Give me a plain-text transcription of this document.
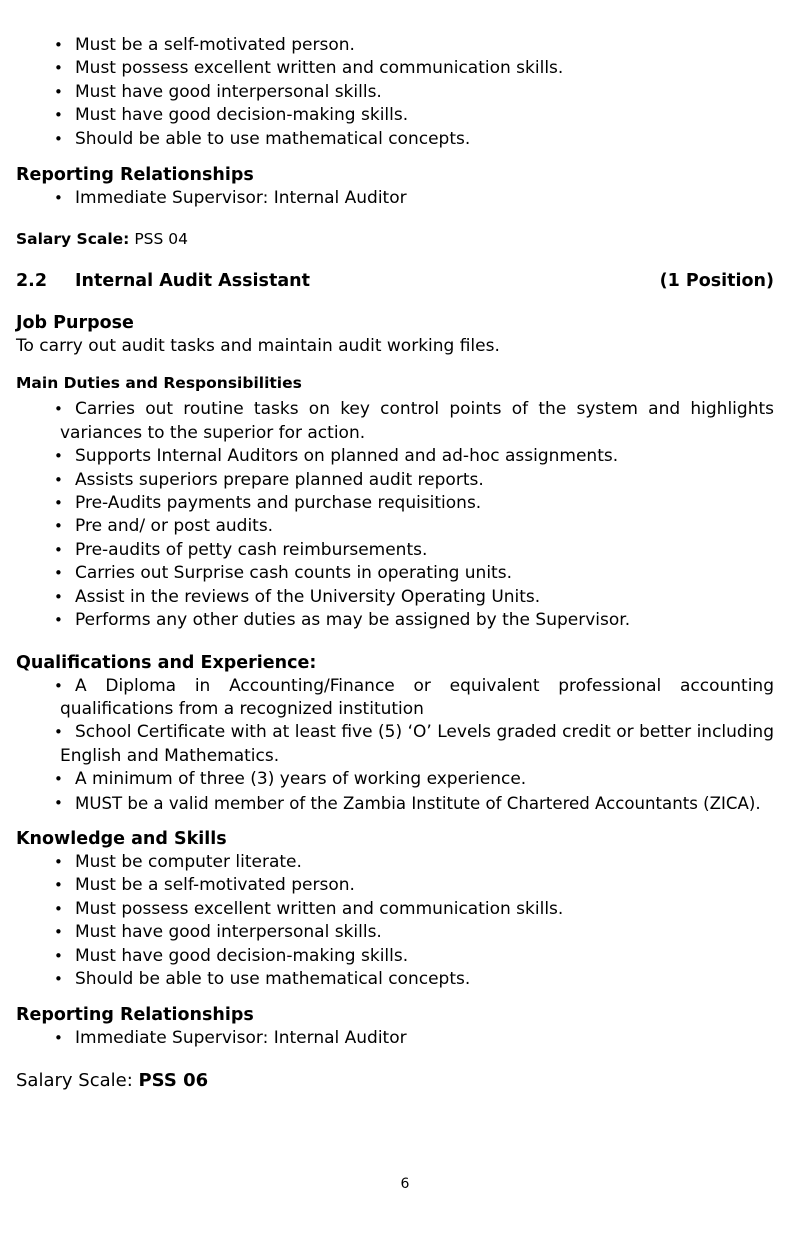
• Must be a self-motivated person.
• Must possess excellent written and communication skills.
• Must have good interpersonal skills.
• Must have good decision-making skills.
• Should be able to use mathematical concepts.
Reporting Relationships
• Immediate Supervisor: Internal Auditor
Salary Scale: PSS 04
2.2 Internal Audit Assistant	(1 Position)
Job Purpose
To carry out audit tasks and maintain audit working files.
Main Duties and Responsibilities
• Carries out routine tasks on key control points of the system and highlights variances to the superior for action.
• Supports Internal Auditors on planned and ad-hoc assignments.
• Assists superiors prepare planned audit reports.
• Pre-Audits payments and purchase requisitions.
• Pre and/ or post audits.
• Pre-audits of petty cash reimbursements.
• Carries out Surprise cash counts in operating units.
• Assist in the reviews of the University Operating Units.
• Performs any other duties as may be assigned by the Supervisor.
Qualifications and Experience:
• A Diploma in Accounting/Finance or equivalent professional accounting qualifications from a recognized institution
• School Certificate with at least five (5) ‘O’ Levels graded credit or better including English and Mathematics.
• A minimum of three (3) years of working experience.
• MUST be a valid member of the Zambia Institute of Chartered Accountants (ZICA).
Knowledge and Skills
• Must be computer literate.
• Must be a self-motivated person.
• Must possess excellent written and communication skills.
• Must have good interpersonal skills.
• Must have good decision-making skills.
• Should be able to use mathematical concepts.
Reporting Relationships
• Immediate Supervisor: Internal Auditor
Salary Scale: PSS 06
6
